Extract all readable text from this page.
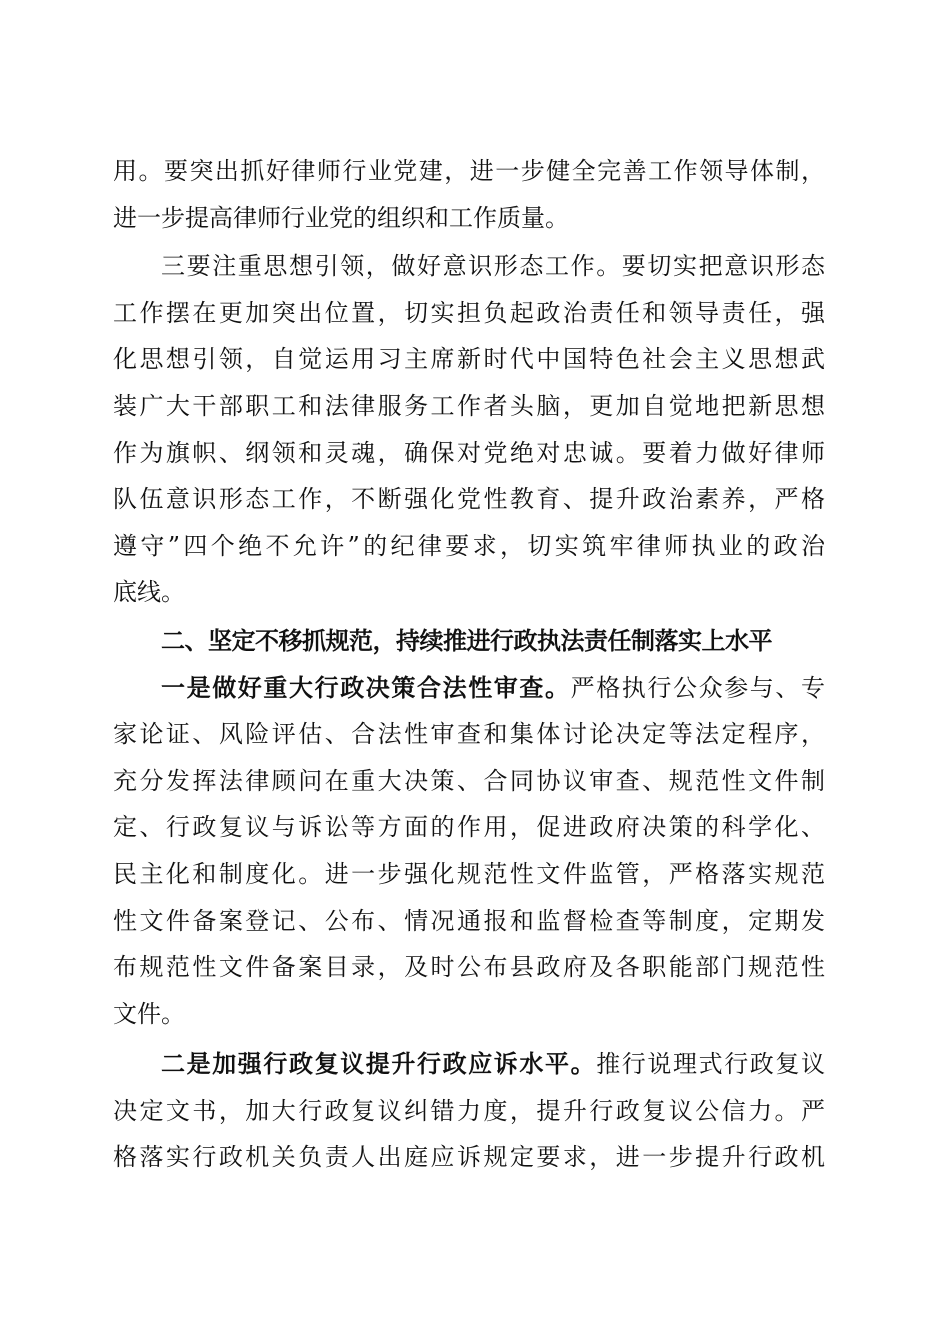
用。要突出抓好律师行业党建，进一步健全完善工作领导体制，
进一步提高律师行业党的组织和工作质量。
三要注重思想引领，做好意识形态工作。要切实把意识形态
工作摆在更加突出位置，切实担负起政治责任和领导责任，强
化思想引领，自觉运用习主席新时代中国特色社会主义思想武
装广大干部职工和法律服务工作者头脑，更加自觉地把新思想
作为旗帜、纲领和灵魂，确保对党绝对忠诚。要着力做好律师
队伍意识形态工作，不断强化党性教育、提升政治素养，严格
遵守”四个绝不允许”的纪律要求，切实筑牢律师执业的政治
底线。
二、坚定不移抓规范，持续推进行政执法责任制落实上水平
一是做好重大行政决策合法性审查。严格执行公众参与、专
家论证、风险评估、合法性审查和集体讨论决定等法定程序，
充分发挥法律顾问在重大决策、合同协议审查、规范性文件制
定、行政复议与诉讼等方面的作用，促进政府决策的科学化、
民主化和制度化。进一步强化规范性文件监管，严格落实规范
性文件备案登记、公布、情况通报和监督检查等制度，定期发
布规范性文件备案目录，及时公布县政府及各职能部门规范性
文件。
二是加强行政复议提升行政应诉水平。推行说理式行政复议
决定文书，加大行政复议纠错力度，提升行政复议公信力。严
格落实行政机关负责人出庭应诉规定要求，进一步提升行政机
